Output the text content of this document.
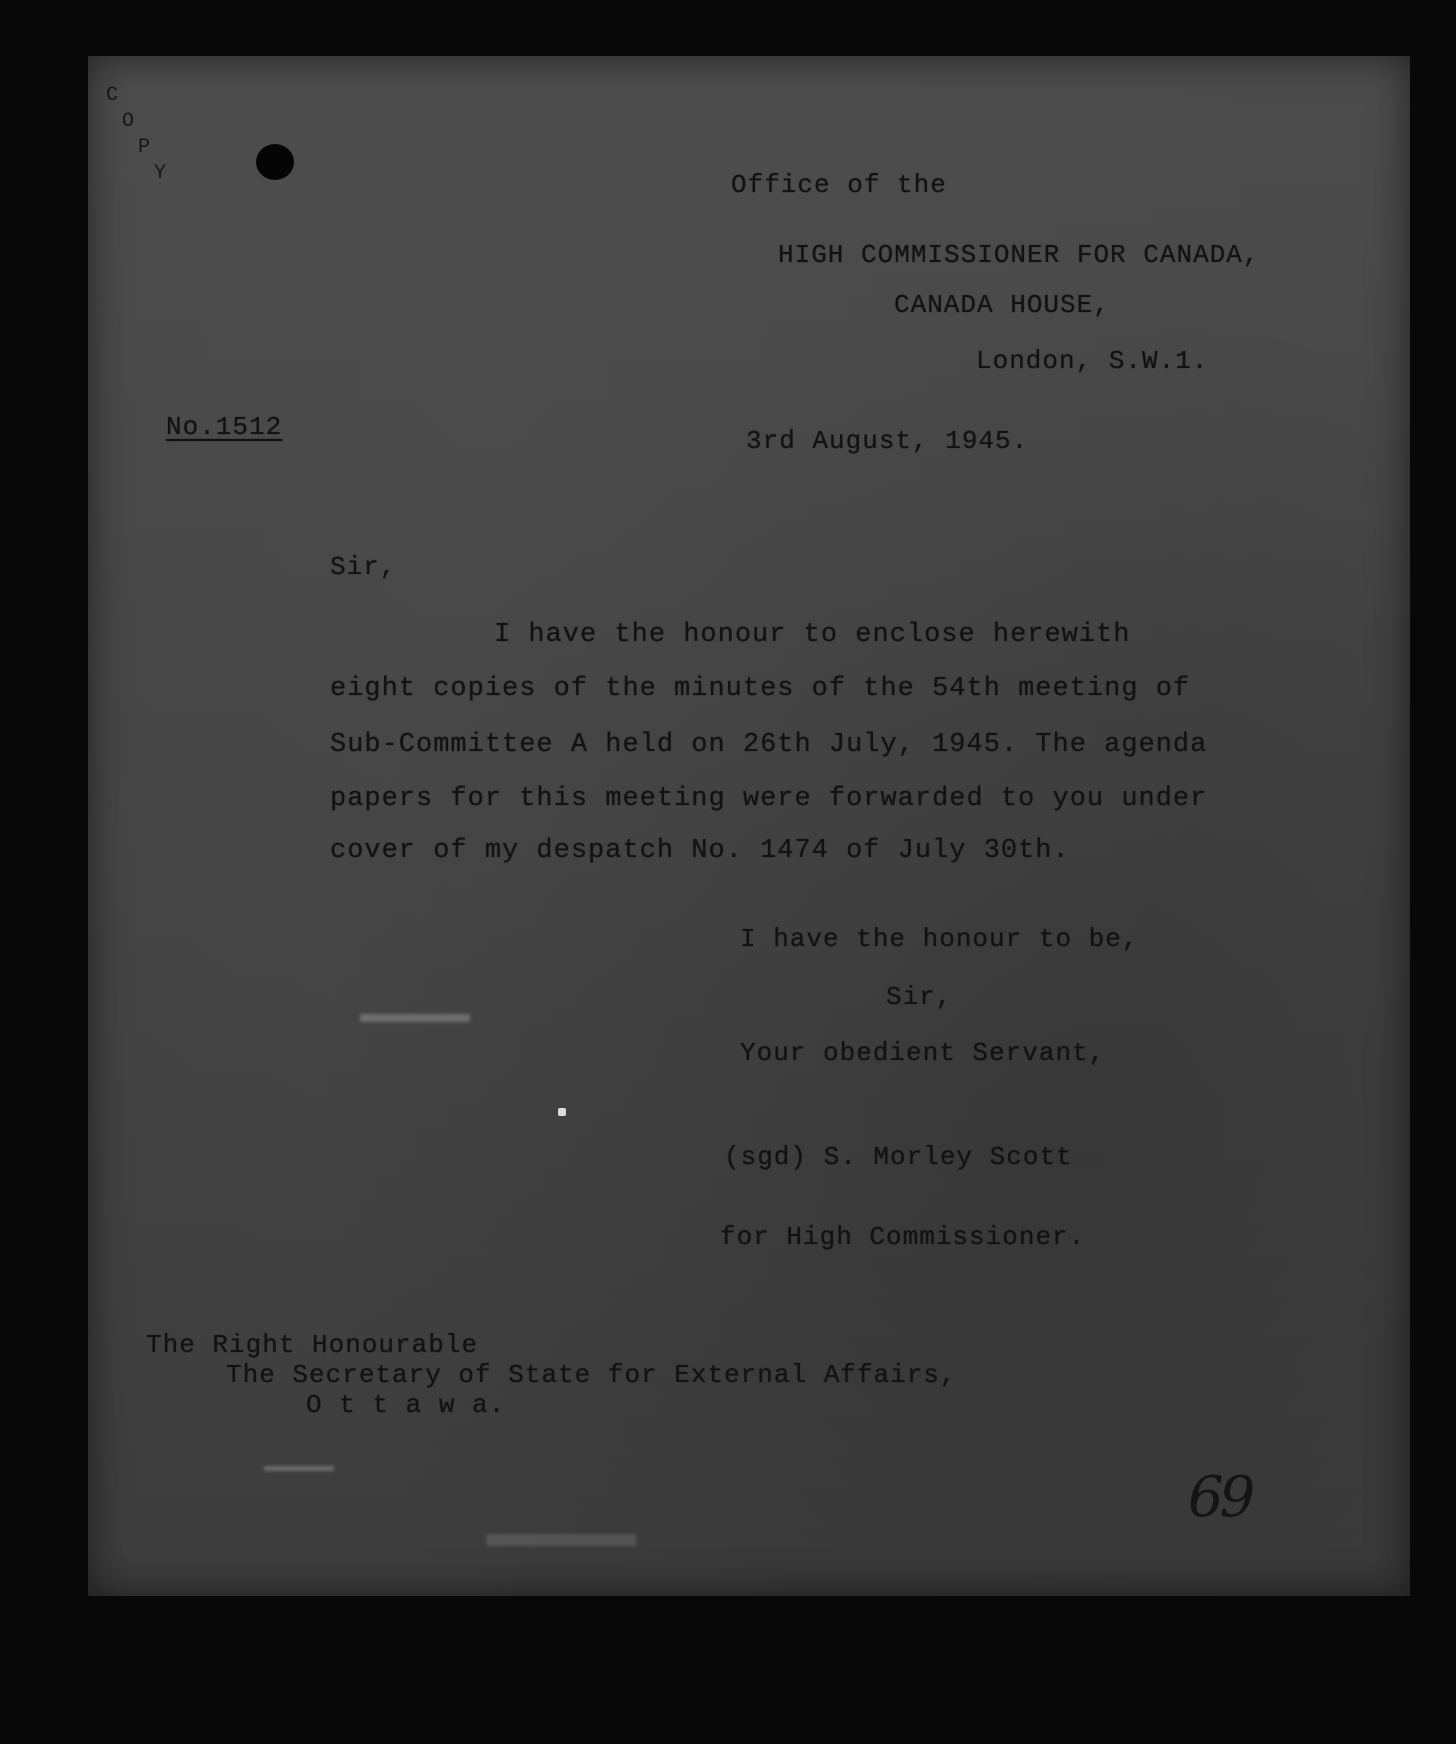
C
O
P
Y	Office of the
HIGH COMMISSIONER FOR CANADA,
CANADA HOUSE,
London, S.W.1.
No.1512	3rd August, 1945.
Sir,
I have the honour to enclose herewith
eight copies of the minutes of the 54th meeting of
Sub-Committee A held on 26th July, 1945. The agenda
papers for this meeting were forwarded to you under
cover of my despatch No. 1474 of July 30th.
I have the honour to be,
Sir,
Your obedient Servant,
(sgd) S. Morley Scott
for High Commissioner.
The Right Honourable
The Secretary of State for External Affairs,
O t t a w a.
69
